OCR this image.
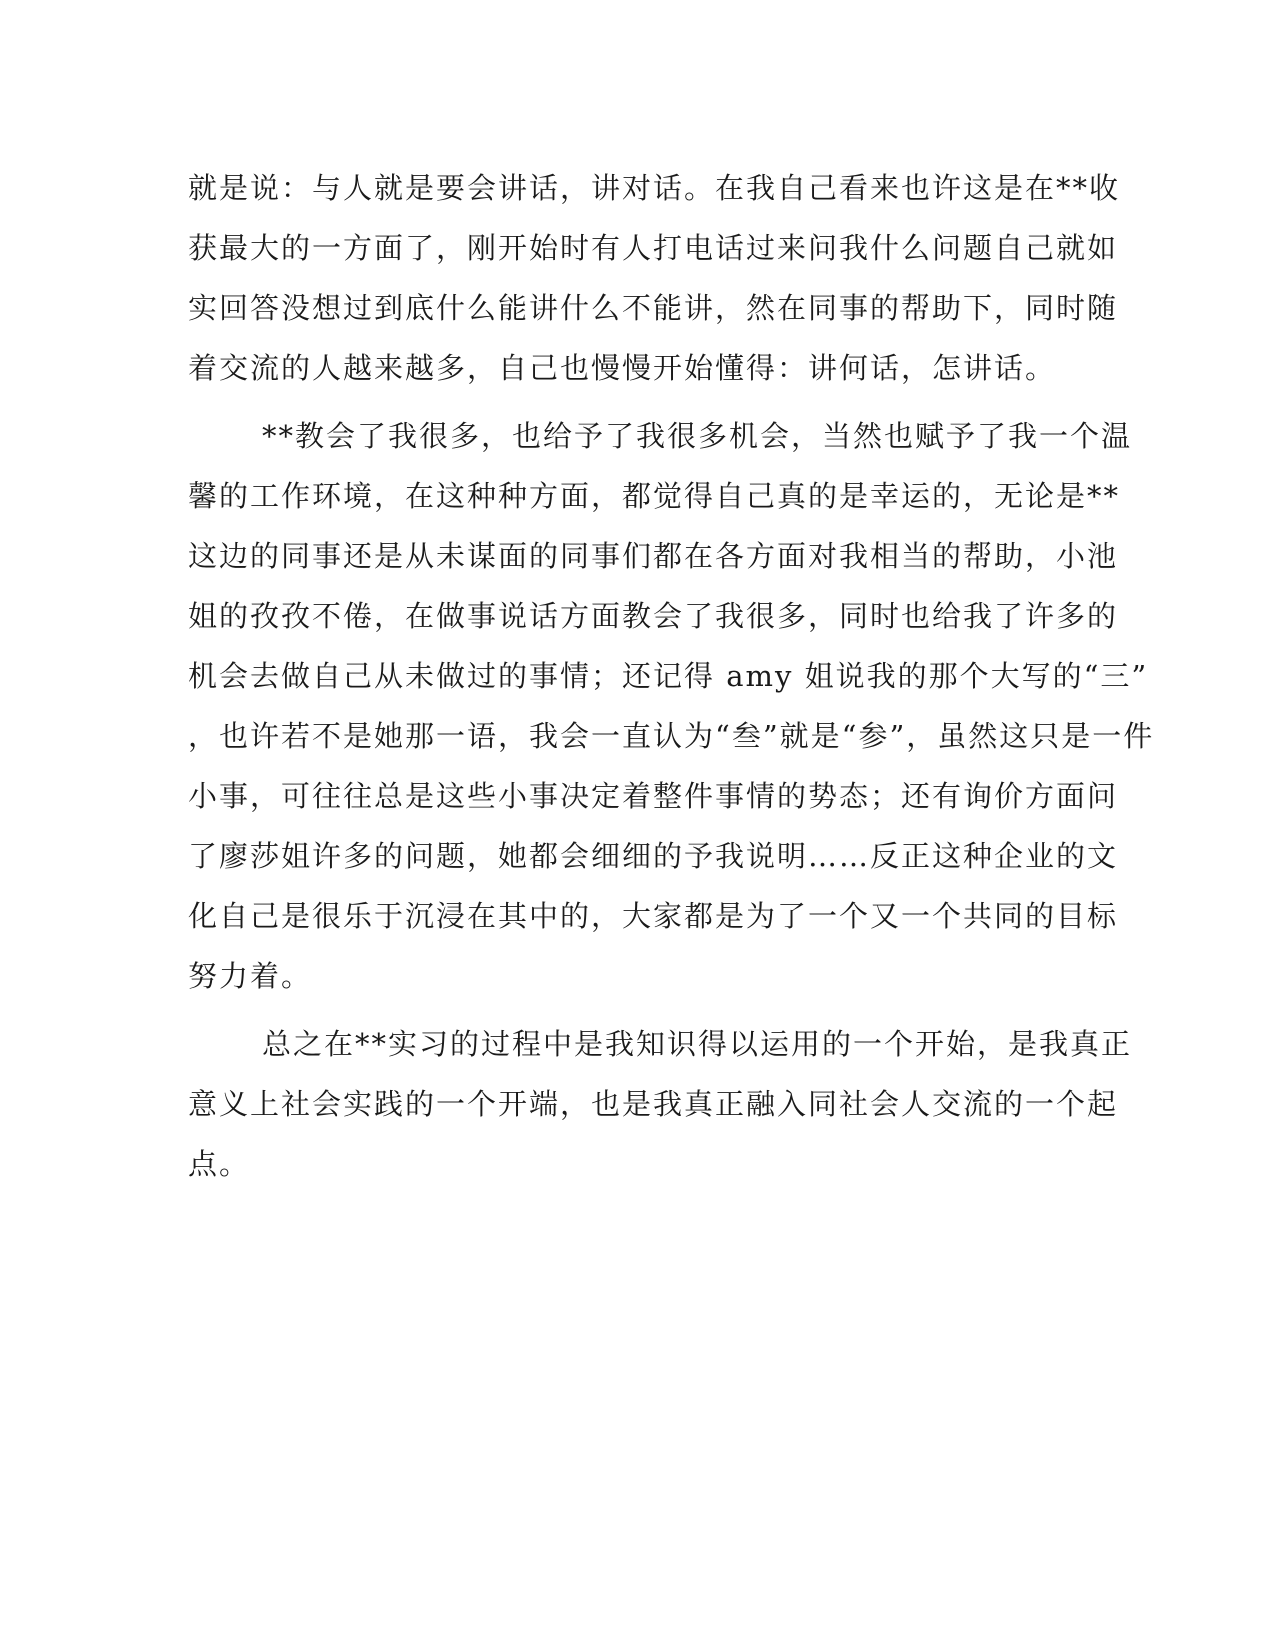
就是说：与人就是要会讲话，讲对话。在我自己看来也许这是在**收
获最大的一方面了，刚开始时有人打电话过来问我什么问题自己就如
实回答没想过到底什么能讲什么不能讲，然在同事的帮助下，同时随
着交流的人越来越多，自己也慢慢开始懂得：讲何话，怎讲话。
**教会了我很多，也给予了我很多机会，当然也赋予了我一个温
馨的工作环境，在这种种方面，都觉得自己真的是幸运的，无论是**
这边的同事还是从未谋面的同事们都在各方面对我相当的帮助，小池
姐的孜孜不倦，在做事说话方面教会了我很多，同时也给我了许多的
机会去做自己从未做过的事情；还记得 amy 姐说我的那个大写的“三”
，也许若不是她那一语，我会一直认为“叁”就是“参”，虽然这只是一件
小事，可往往总是这些小事决定着整件事情的势态；还有询价方面问
了廖莎姐许多的问题，她都会细细的予我说明……反正这种企业的文
化自己是很乐于沉浸在其中的，大家都是为了一个又一个共同的目标
努力着。
总之在**实习的过程中是我知识得以运用的一个开始，是我真正
意义上社会实践的一个开端，也是我真正融入同社会人交流的一个起
点。
